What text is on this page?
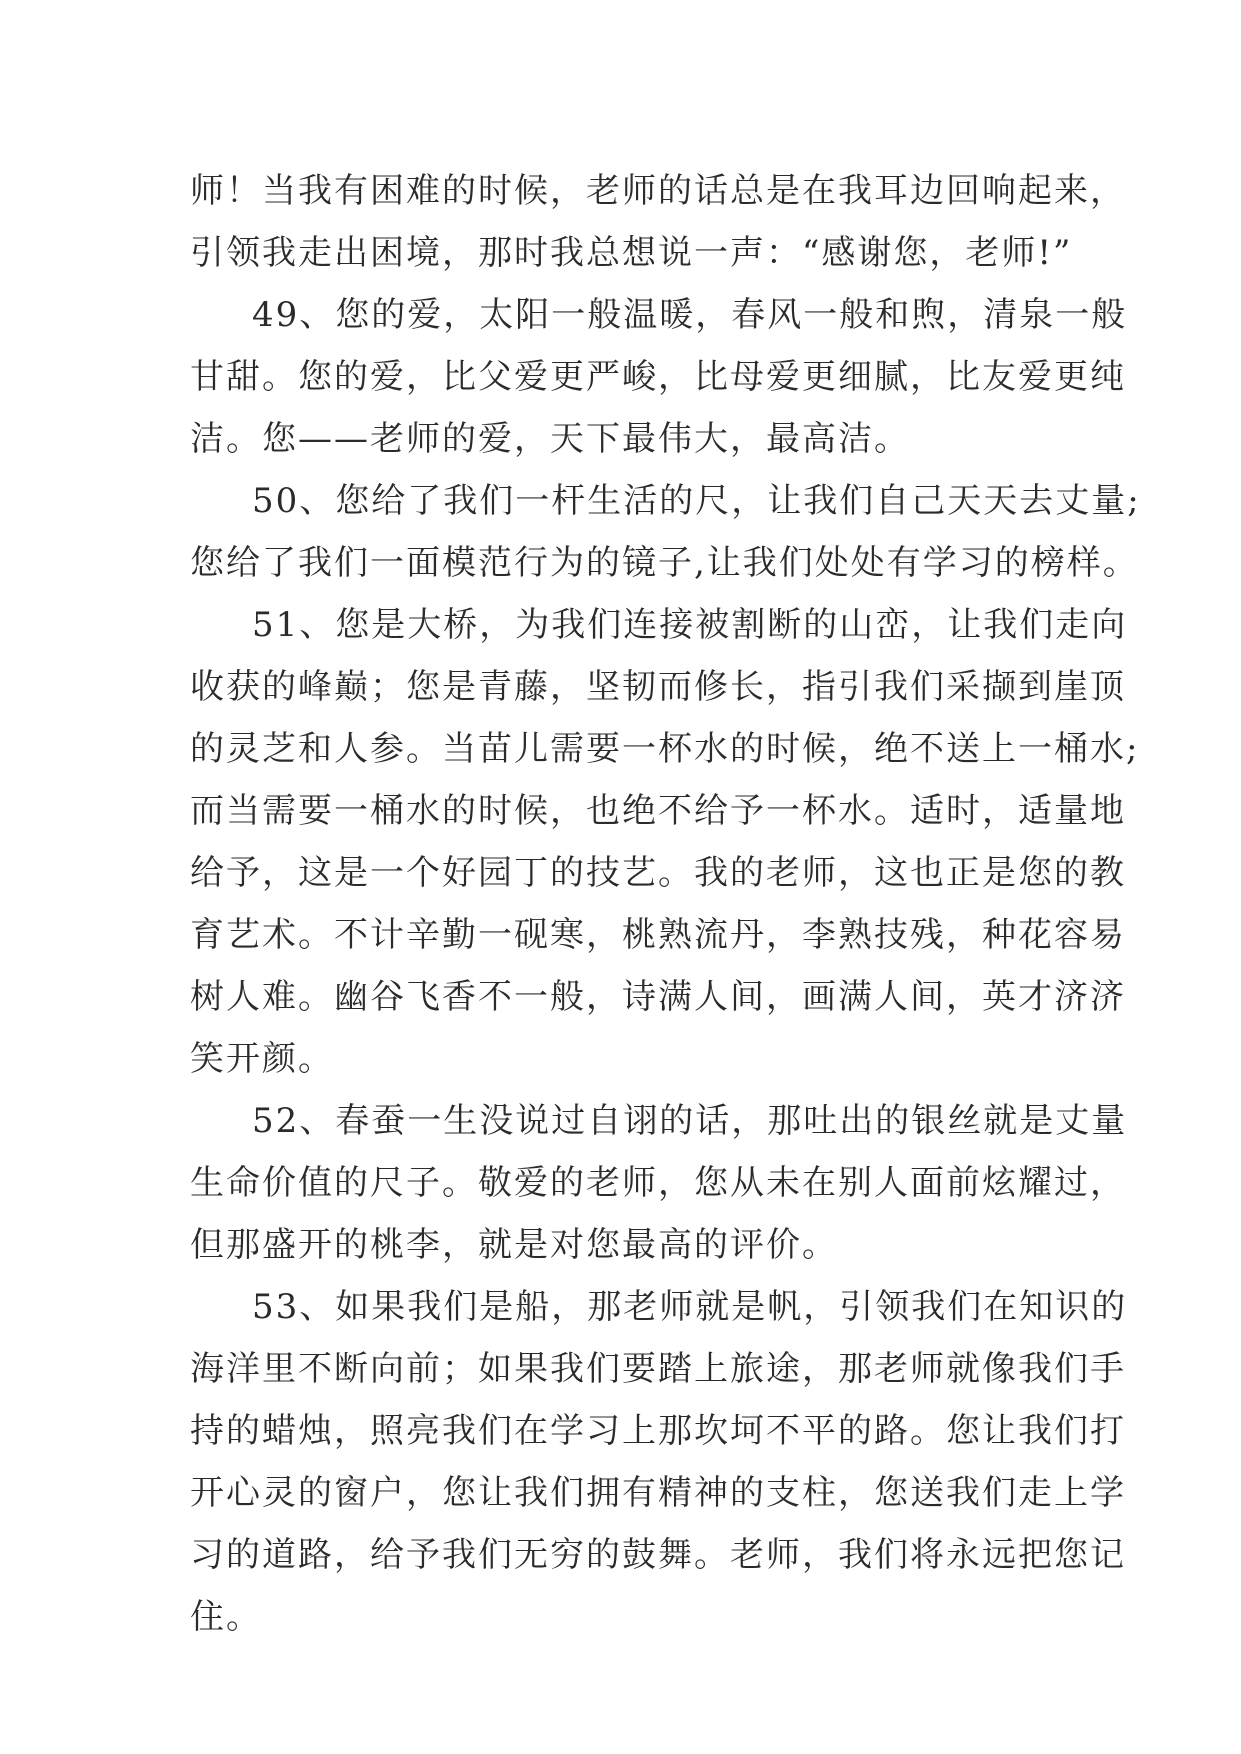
师！当我有困难的时候，老师的话总是在我耳边回响起来，
引领我走出困境，那时我总想说一声：“感谢您，老师!”
49、您的爱，太阳一般温暖，春风一般和煦，清泉一般
甘甜。您的爱，比父爱更严峻，比母爱更细腻，比友爱更纯
洁。您——老师的爱，天下最伟大，最高洁。
50、您给了我们一杆生活的尺，让我们自己天天去丈量;
您给了我们一面模范行为的镜子,让我们处处有学习的榜样。
51、您是大桥，为我们连接被割断的山峦，让我们走向
收获的峰巅；您是青藤，坚韧而修长，指引我们采撷到崖顶
的灵芝和人参。当苗儿需要一杯水的时候，绝不送上一桶水;
而当需要一桶水的时候，也绝不给予一杯水。适时，适量地
给予，这是一个好园丁的技艺。我的老师，这也正是您的教
育艺术。不计辛勤一砚寒，桃熟流丹，李熟技残，种花容易
树人难。幽谷飞香不一般，诗满人间，画满人间，英才济济
笑开颜。
52、春蚕一生没说过自诩的话，那吐出的银丝就是丈量
生命价值的尺子。敬爱的老师，您从未在别人面前炫耀过，
但那盛开的桃李，就是对您最高的评价。
53、如果我们是船，那老师就是帆，引领我们在知识的
海洋里不断向前；如果我们要踏上旅途，那老师就像我们手
持的蜡烛，照亮我们在学习上那坎坷不平的路。您让我们打
开心灵的窗户，您让我们拥有精神的支柱，您送我们走上学
习的道路，给予我们无穷的鼓舞。老师，我们将永远把您记
住。
